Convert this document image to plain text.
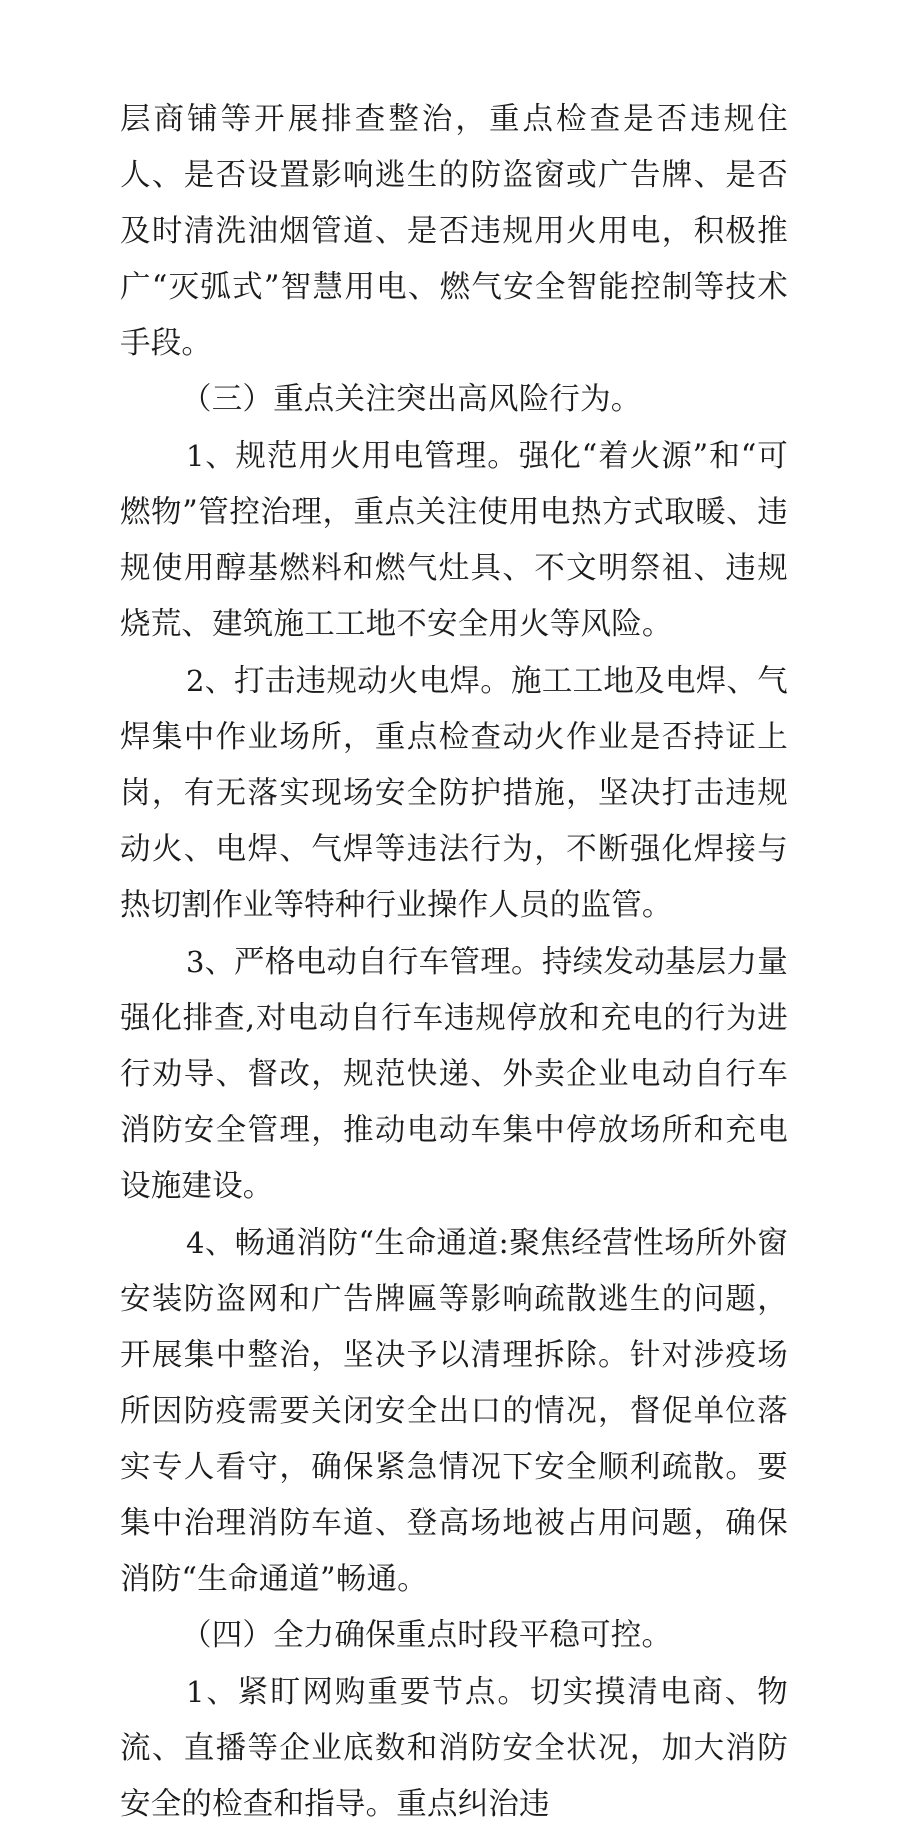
层商铺等开展排查整治，重点检查是否违规住人、是否设置影响逃生的防盗窗或广告牌、是否及时清洗油烟管道、是否违规用火用电，积极推广“灭弧式”智慧用电、燃气安全智能控制等技术手段。

（三）重点关注突出高风险行为。

1、规范用火用电管理。强化“着火源”和“可燃物”管控治理，重点关注使用电热方式取暖、违规使用醇基燃料和燃气灶具、不文明祭祖、违规烧荒、建筑施工工地不安全用火等风险。

2、打击违规动火电焊。施工工地及电焊、气焊集中作业场所，重点检查动火作业是否持证上岗，有无落实现场安全防护措施，坚决打击违规动火、电焊、气焊等违法行为，不断强化焊接与热切割作业等特种行业操作人员的监管。

3、严格电动自行车管理。持续发动基层力量强化排查,对电动自行车违规停放和充电的行为进行劝导、督改，规范快递、外卖企业电动自行车消防安全管理，推动电动车集中停放场所和充电设施建设。

4、畅通消防“生命通道:聚焦经营性场所外窗安装防盗网和广告牌匾等影响疏散逃生的问题，开展集中整治，坚决予以清理拆除。针对涉疫场所因防疫需要关闭安全出口的情况，督促单位落实专人看守，确保紧急情况下安全顺利疏散。要集中治理消防车道、登高场地被占用问题，确保消防“生命通道”畅通。

（四）全力确保重点时段平稳可控。

1、紧盯网购重要节点。切实摸清电商、物流、直播等企业底数和消防安全状况，加大消防安全的检查和指导。重点纠治违
